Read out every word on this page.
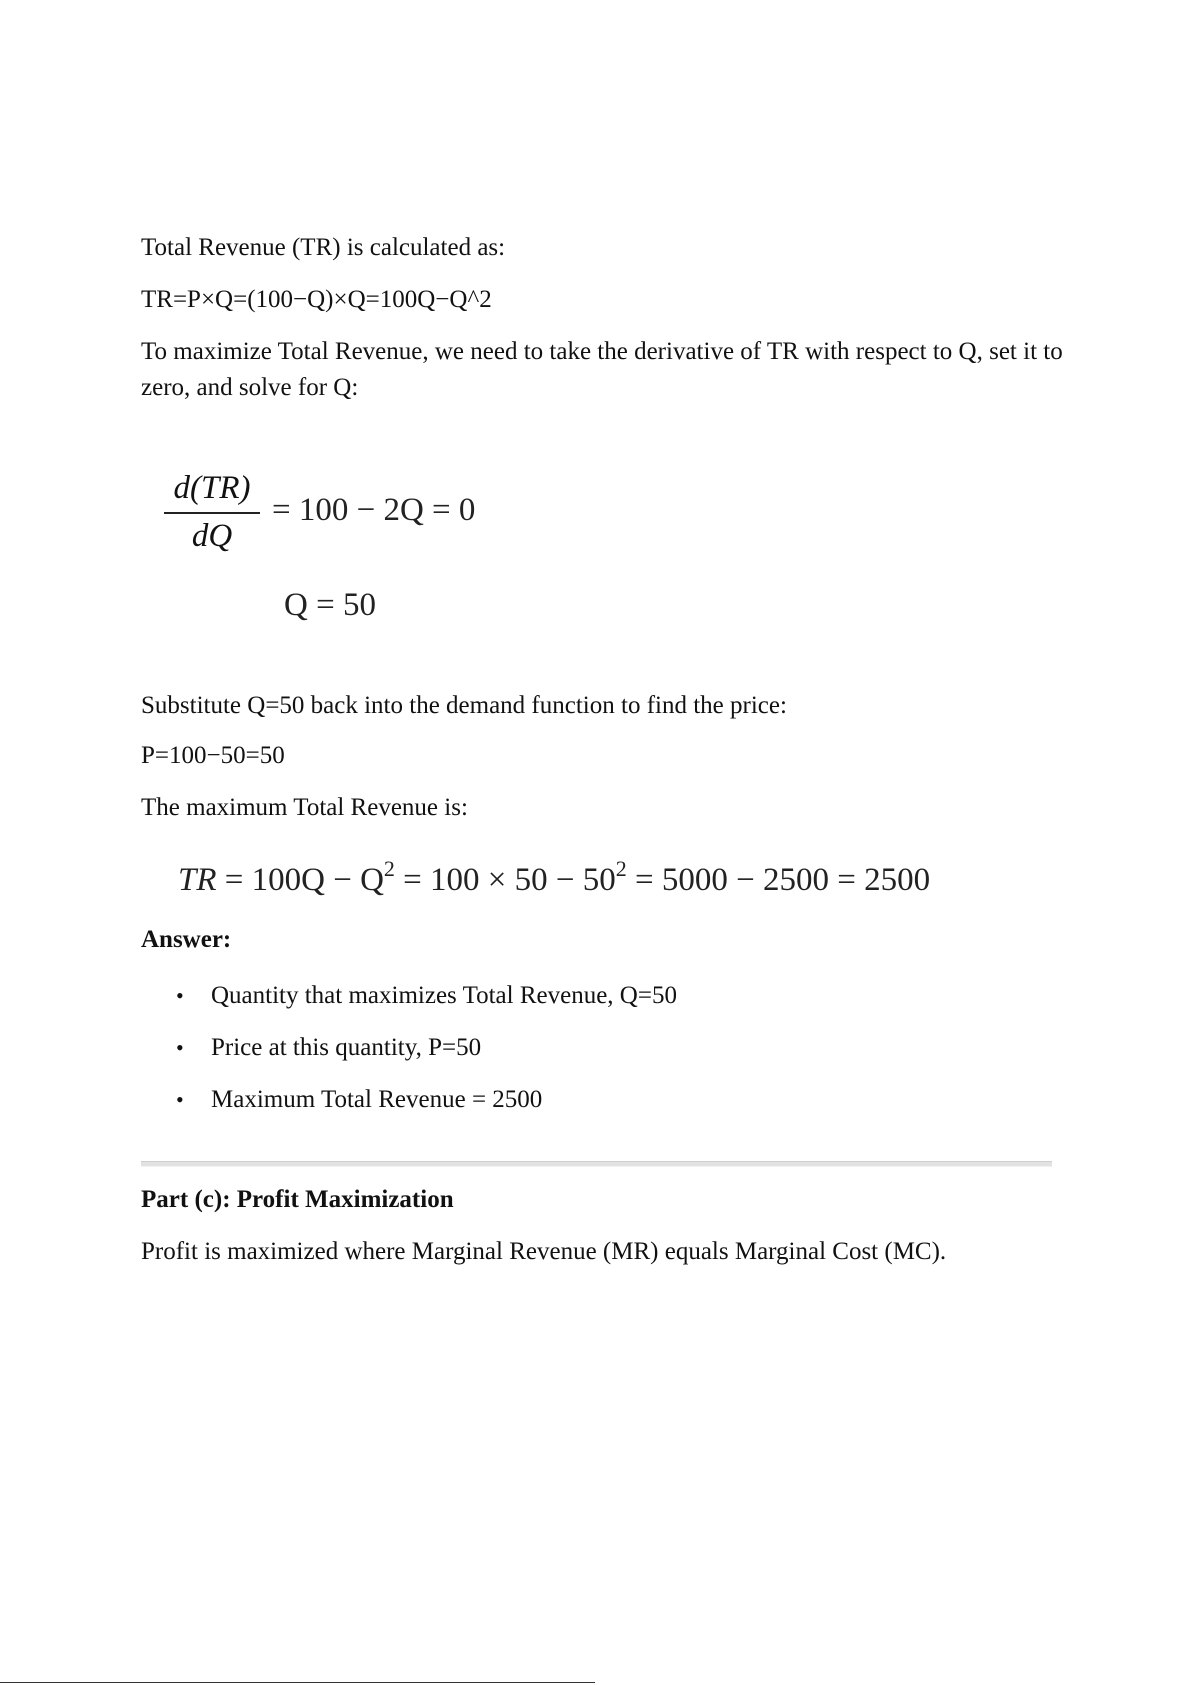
Total Revenue (TR) is calculated as:
TR=P×Q=(100−Q)×Q=100Q−Q^2
To maximize Total Revenue, we need to take the derivative of TR with respect to Q, set it to zero, and solve for Q:
d(TR)
dQ
= 100 − 2Q = 0
Q = 50
Substitute Q=50 back into the demand function to find the price:
P=100−50=50
The maximum Total Revenue is:
TR = $100Q - Q^2 = 100 \times 50 - 50^2 = 5000 - 2500 = 2500$
Answer:
• Quantity that maximizes Total Revenue, Q=50
• Price at this quantity, P=50
• Maximum Total Revenue = 2500
Part (c): Profit Maximization
Profit is maximized where Marginal Revenue (MR) equals Marginal Cost (MC).
